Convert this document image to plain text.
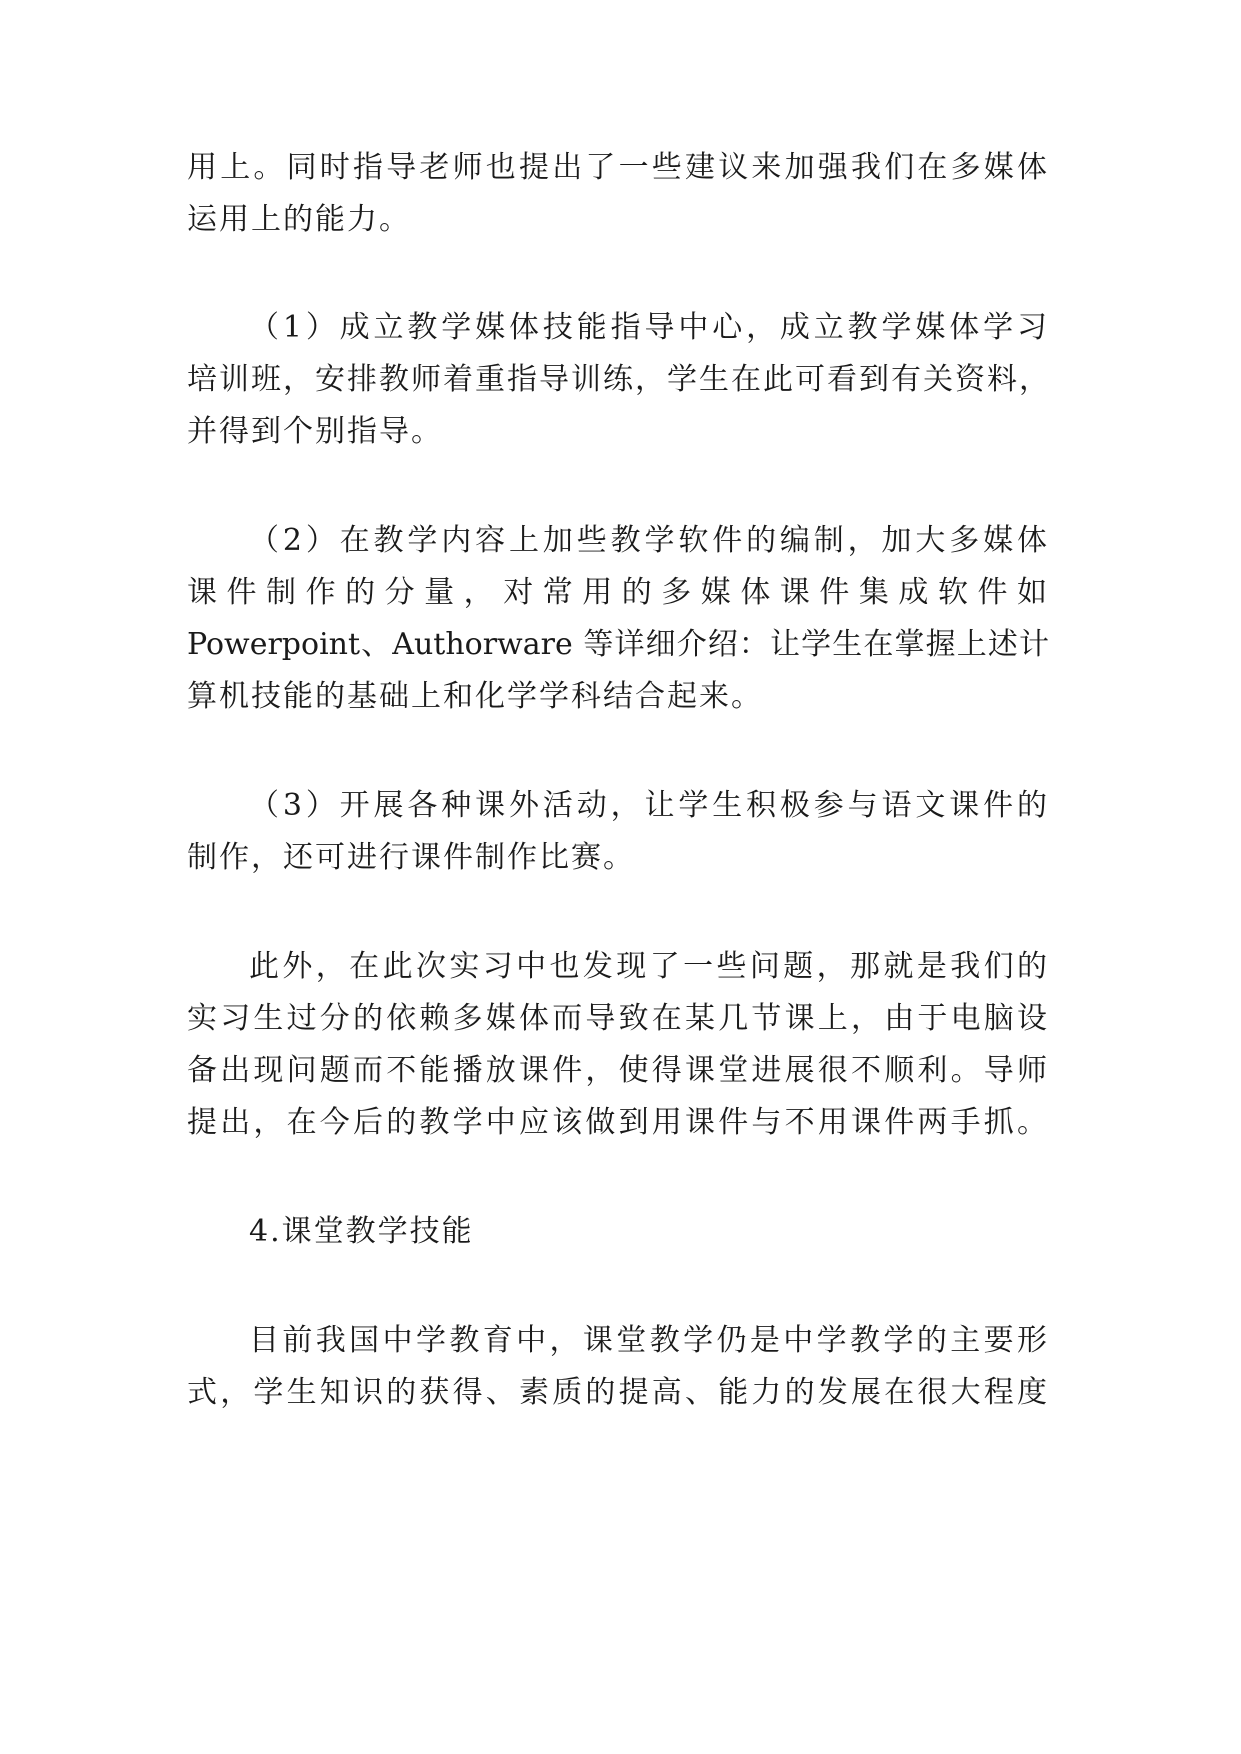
用上。同时指导老师也提出了一些建议来加强我们在多媒体
运用上的能力。
（1）成立教学媒体技能指导中心，成立教学媒体学习
培训班，安排教师着重指导训练，学生在此可看到有关资料，
并得到个别指导。
（2）在教学内容上加些教学软件的编制，加大多媒体
课件制作的分量，对常用的多媒体课件集成软件如
Powerpoint、Authorware 等详细介绍：让学生在掌握上述计
算机技能的基础上和化学学科结合起来。
（3）开展各种课外活动，让学生积极参与语文课件的
制作，还可进行课件制作比赛。
此外，在此次实习中也发现了一些问题，那就是我们的
实习生过分的依赖多媒体而导致在某几节课上，由于电脑设
备出现问题而不能播放课件，使得课堂进展很不顺利。导师
提出，在今后的教学中应该做到用课件与不用课件两手抓。
4.课堂教学技能
目前我国中学教育中，课堂教学仍是中学教学的主要形
式，学生知识的获得、素质的提高、能力的发展在很大程度
